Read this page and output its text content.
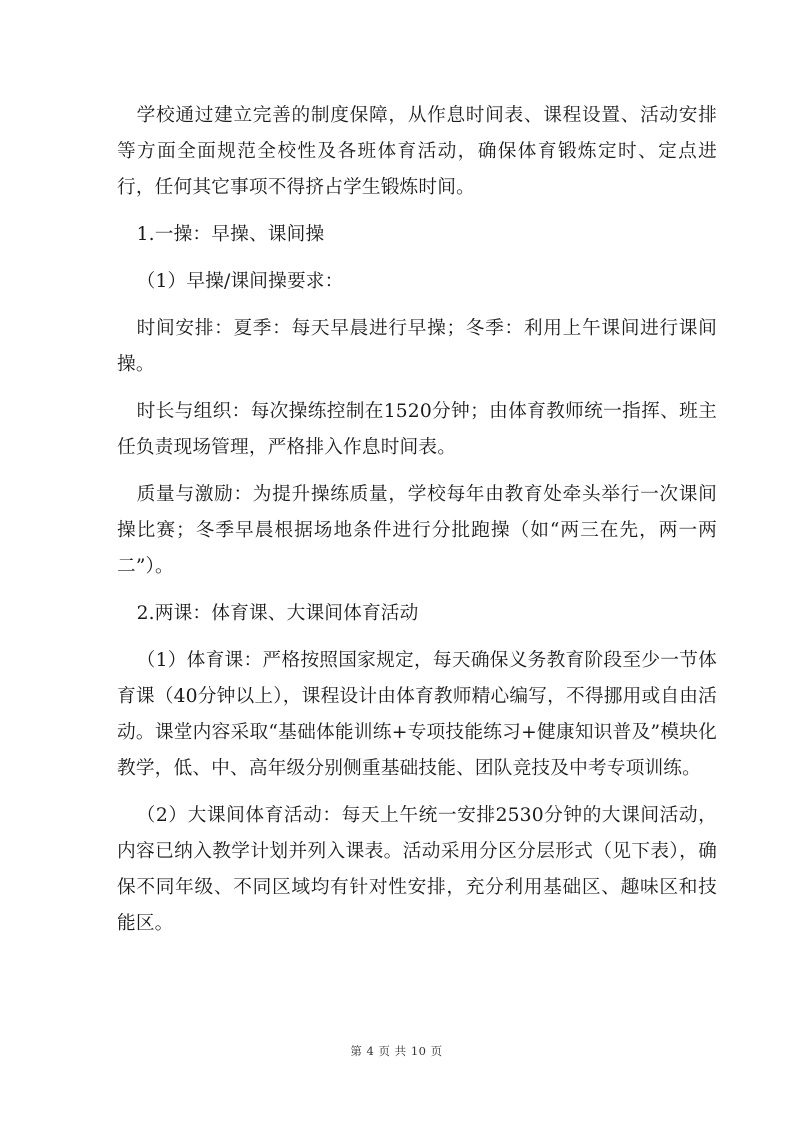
学校通过建立完善的制度保障，从作息时间表、课程设置、活动安排等方面全面规范全校性及各班体育活动，确保体育锻炼定时、定点进行，任何其它事项不得挤占学生锻炼时间。

1.一操：早操、课间操

（1）早操/课间操要求：

时间安排：夏季：每天早晨进行早操；冬季：利用上午课间进行课间操。

时长与组织：每次操练控制在1520分钟；由体育教师统一指挥、班主任负责现场管理，严格排入作息时间表。

质量与激励：为提升操练质量，学校每年由教育处牵头举行一次课间操比赛；冬季早晨根据场地条件进行分批跑操（如“两三在先，两一两二”）。

2.两课：体育课、大课间体育活动

（1）体育课：严格按照国家规定，每天确保义务教育阶段至少一节体育课（40分钟以上），课程设计由体育教师精心编写，不得挪用或自由活动。课堂内容采取“基础体能训练+专项技能练习+健康知识普及”模块化教学，低、中、高年级分别侧重基础技能、团队竞技及中考专项训练。

（2）大课间体育活动：每天上午统一安排2530分钟的大课间活动，内容已纳入教学计划并列入课表。活动采用分区分层形式（见下表），确保不同年级、不同区域均有针对性安排，充分利用基础区、趣味区和技能区。

第 4 页 共 10 页
